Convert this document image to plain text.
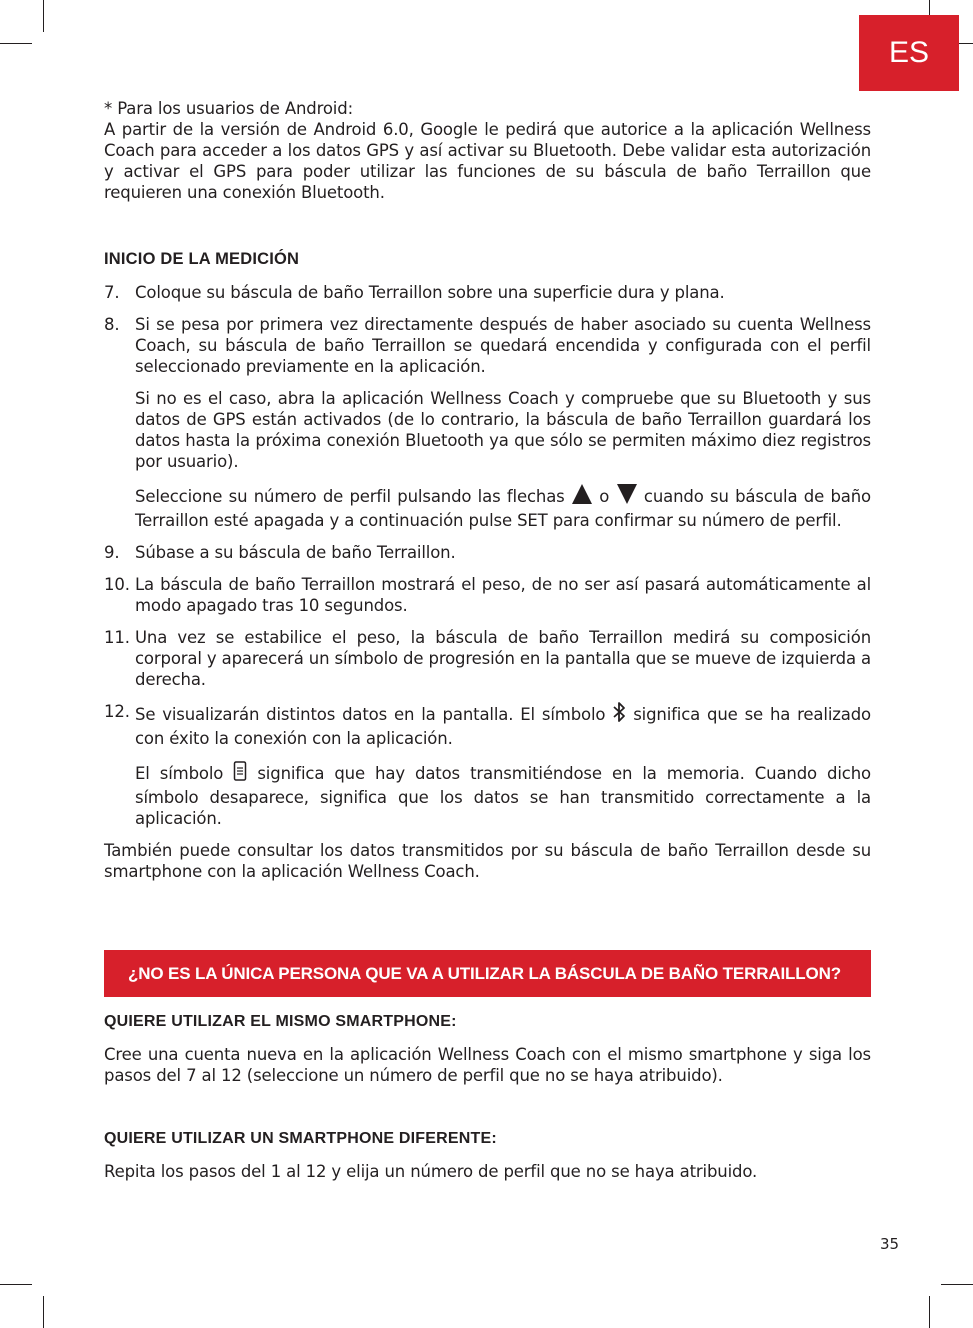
ES

* Para los usuarios de Android:

A partir de la versión de Android 6.0, Google le pedirá que autorice a la aplicación Wellness Coach para acceder a los datos GPS y así activar su Bluetooth. Debe validar esta autorización y activar el GPS para poder utilizar las funciones de su báscula de baño Terraillon que requieren una conexión Bluetooth.

INICIO DE LA MEDICIÓN
7. Coloque su báscula de baño Terraillon sobre una superficie dura y plana.

8. Si se pesa por primera vez directamente después de haber asociado su cuenta Wellness Coach, su báscula de baño Terraillon se quedará encendida y configurada con el perfil seleccionado previamente en la aplicación.

Si no es el caso, abra la aplicación Wellness Coach y compruebe que su Bluetooth y sus datos de GPS están activados (de lo contrario, la báscula de baño Terraillon guardará los datos hasta la próxima conexión Bluetooth ya que sólo se permiten máximo diez registros por usuario).

Seleccione su número de perfil pulsando las flechas  o  cuando su báscula de baño Terraillon esté apagada y a continuación pulse SET para confirmar su número de perfil.

9. Súbase a su báscula de baño Terraillon.

10. La báscula de baño Terraillon mostrará el peso, de no ser así pasará automáticamente al modo apagado tras 10 segundos.

11. Una vez se estabilice el peso, la báscula de baño Terraillon medirá su composición corporal y aparecerá un símbolo de progresión en la pantalla que se mueve de izquierda a derecha.

12. Se visualizarán distintos datos en la pantalla. El símbolo  significa que se ha realizado con éxito la conexión con la aplicación.

El símbolo  significa que hay datos transmitiéndose en la memoria. Cuando dicho símbolo desaparece, significa que los datos se han transmitido correctamente a la aplicación.

También puede consultar los datos transmitidos por su báscula de baño Terraillon desde su smartphone con la aplicación Wellness Coach.

¿NO ES LA ÚNICA PERSONA QUE VA A UTILIZAR LA BÁSCULA DE BAÑO TERRAILLON?
QUIERE UTILIZAR EL MISMO SMARTPHONE:

Cree una cuenta nueva en la aplicación Wellness Coach con el mismo smartphone y siga los pasos del 7 al 12 (seleccione un número de perfil que no se haya atribuido).

QUIERE UTILIZAR UN SMARTPHONE DIFERENTE:

Repita los pasos del 1 al 12 y elija un número de perfil que no se haya atribuido.

35
